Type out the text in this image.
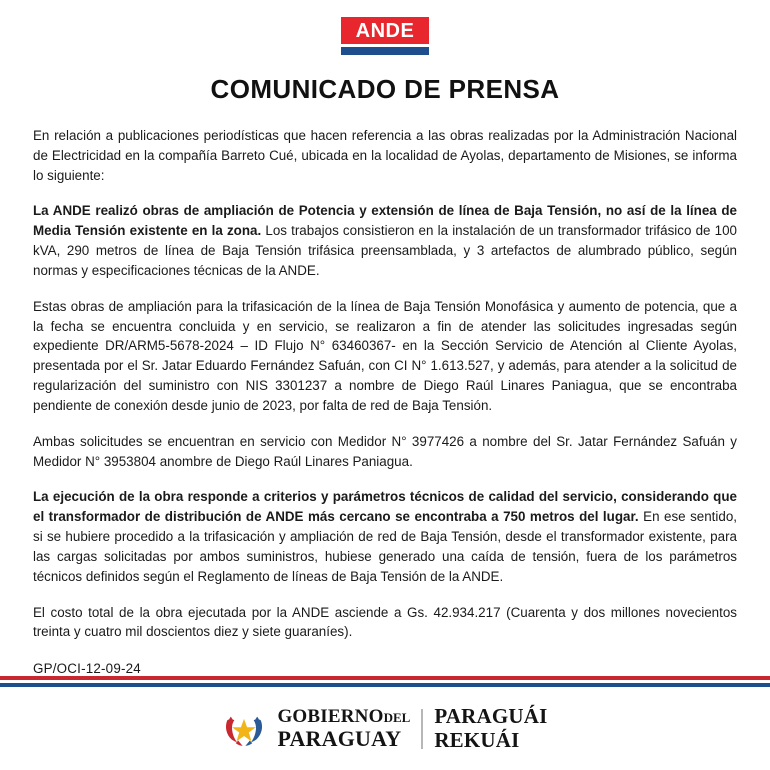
ANDE
COMUNICADO DE PRENSA

En relación a publicaciones periodísticas que hacen referencia a las obras realizadas por la Administración Nacional de Electricidad en la compañía Barreto Cué, ubicada en la localidad de Ayolas, departamento de Misiones, se informa lo siguiente:

La ANDE realizó obras de ampliación de Potencia y extensión de línea de Baja Tensión, no así de la línea de Media Tensión existente en la zona. Los trabajos consistieron en la instalación de un transformador trifásico de 100 kVA, 290 metros de línea de Baja Tensión trifásica preensamblada, y 3 artefactos de alumbrado público, según normas y especificaciones técnicas de la ANDE.

Estas obras de ampliación para la trifasicación de la línea de Baja Tensión Monofásica y aumento de potencia, que a la fecha se encuentra concluida y en servicio, se realizaron a fin de atender las solicitudes ingresadas según expediente DR/ARM5-5678-2024 – ID Flujo N° 63460367- en la Sección Servicio de Atención al Cliente Ayolas, presentada por el Sr. Jatar Eduardo Fernández Safuán, con CI N° 1.613.527, y además, para atender a la solicitud de regularización del suministro con NIS 3301237 a nombre de Diego Raúl Linares Paniagua, que se encontraba pendiente de conexión desde junio de 2023, por falta de red de Baja Tensión.

Ambas solicitudes se encuentran en servicio con Medidor N° 3977426 a nombre del Sr. Jatar Fernández Safuán y Medidor N° 3953804 anombre de Diego Raúl Linares Paniagua.

La ejecución de la obra responde a criterios y parámetros técnicos de calidad del servicio, considerando que el transformador de distribución de ANDE más cercano se encontraba a 750 metros del lugar. En ese sentido, si se hubiere procedido a la trifasicación y ampliación de red de Baja Tensión, desde el transformador existente, para las cargas solicitadas por ambos suministros, hubiese generado una caída de tensión, fuera de los parámetros técnicos definidos según el Reglamento de líneas de Baja Tensión de la ANDE.

El costo total de la obra ejecutada por la ANDE asciende a Gs. 42.934.217 (Cuarenta y dos millones novecientos treinta y cuatro mil doscientos diez y siete guaraníes).

GP/OCI-12-09-24
GOBIERNODEL
PARAGUAY
PARAGUÁI
REKUÁI
